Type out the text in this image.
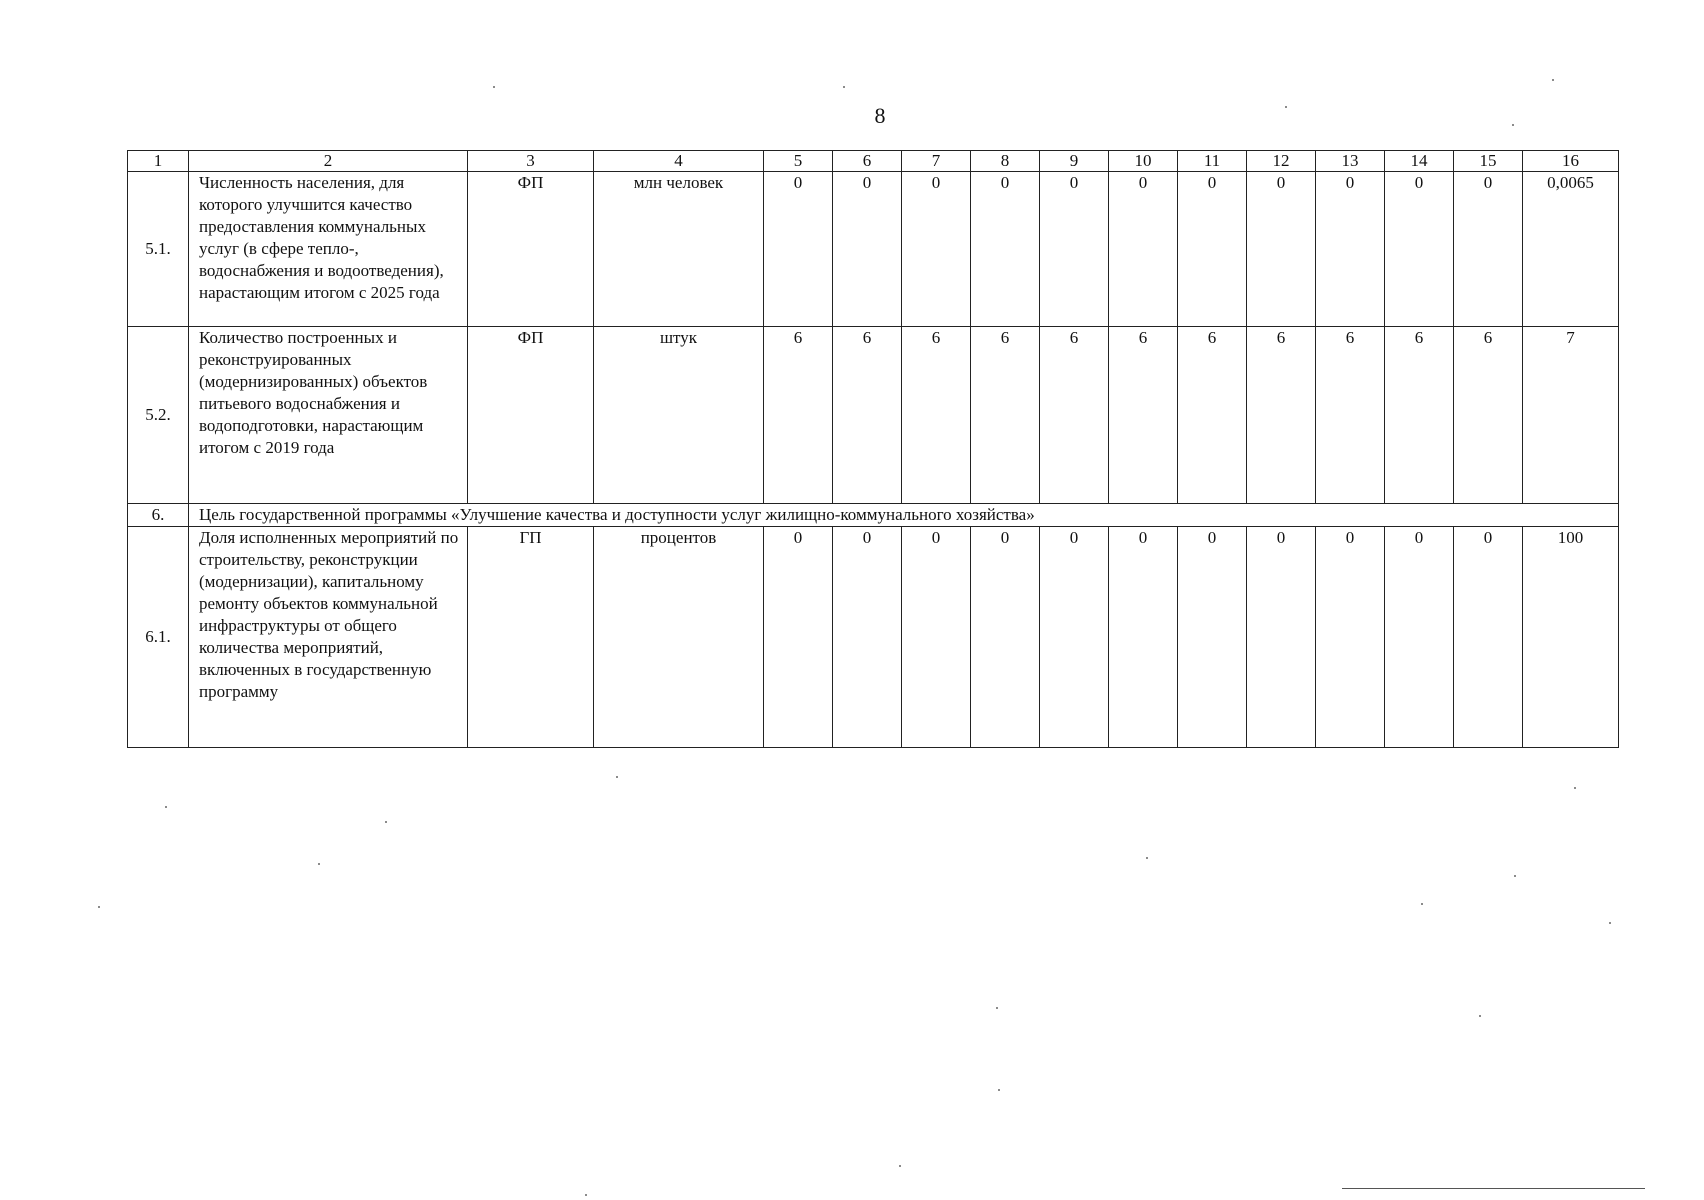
8
1	2	3	4	5	6	7	8	9	10	11	12	13	14	15	16
5.1.	Численность населения, для которого улучшится качество предоставления коммунальных услуг (в сфере тепло-, водоснабжения и водоотведения), нарастающим итогом с 2025 года	ФП	млн человек	0	0	0	0	0	0	0	0	0	0	0	0,0065
5.2.	Количество построенных и реконструированных (модернизированных) объектов питьевого водоснабжения и водоподготовки, нарастающим итогом с 2019 года	ФП	штук	6	6	6	6	6	6	6	6	6	6	6	7
6.	Цель государственной программы «Улучшение качества и доступности услуг жилищно-коммунального хозяйства»														
6.1.	Доля исполненных мероприятий по строительству, реконструкции (модернизации), капитальному ремонту объектов коммунальной инфраструктуры от общего количества мероприятий, включенных в государственную программу	ГП	процентов	0	0	0	0	0	0	0	0	0	0	0	100
